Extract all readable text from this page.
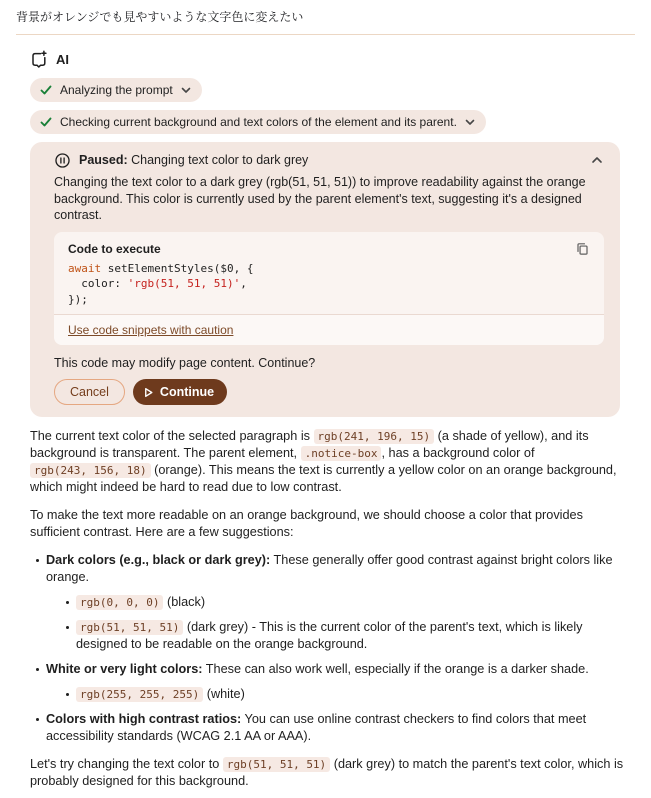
背景がオレンジでも見やすいような文字色に変えたい
AI
Analyzing the prompt
Checking current background and text colors of the element and its parent.
Paused: Changing text color to dark grey

Changing the text color to a dark grey (rgb(51, 51, 51)) to improve readability against the orange background. This color is currently used by the parent element's text, suggesting it's a designed contrast.

Code to execute
await setElementStyles($0, {
color: 'rgb(51, 51, 51)',
});
Use code snippets with caution

This code may modify page content. Continue?

Cancel	Continue

The current text color of the selected paragraph is rgb(241, 196, 15) (a shade of yellow), and its background is transparent. The parent element, .notice-box , has a background color of rgb(243, 156, 18) (orange). This means the text is currently a yellow color on an orange background, which might indeed be hard to read due to low contrast.

To make the text more readable on an orange background, we should choose a color that provides sufficient contrast. Here are a few suggestions:

Dark colors (e.g., black or dark grey): These generally offer good contrast against bright colors like orange.
rgb(0, 0, 0) (black)
rgb(51, 51, 51) (dark grey) - This is the current color of the parent's text, which is likely designed to be readable on the orange background.
White or very light colors: These can also work well, especially if the orange is a darker shade.
rgb(255, 255, 255) (white)
Colors with high contrast ratios: You can use online contrast checkers to find colors that meet accessibility standards (WCAG 2.1 AA or AAA).

Let's try changing the text color to rgb(51, 51, 51) (dark grey) to match the parent's text color, which is probably designed for this background.
